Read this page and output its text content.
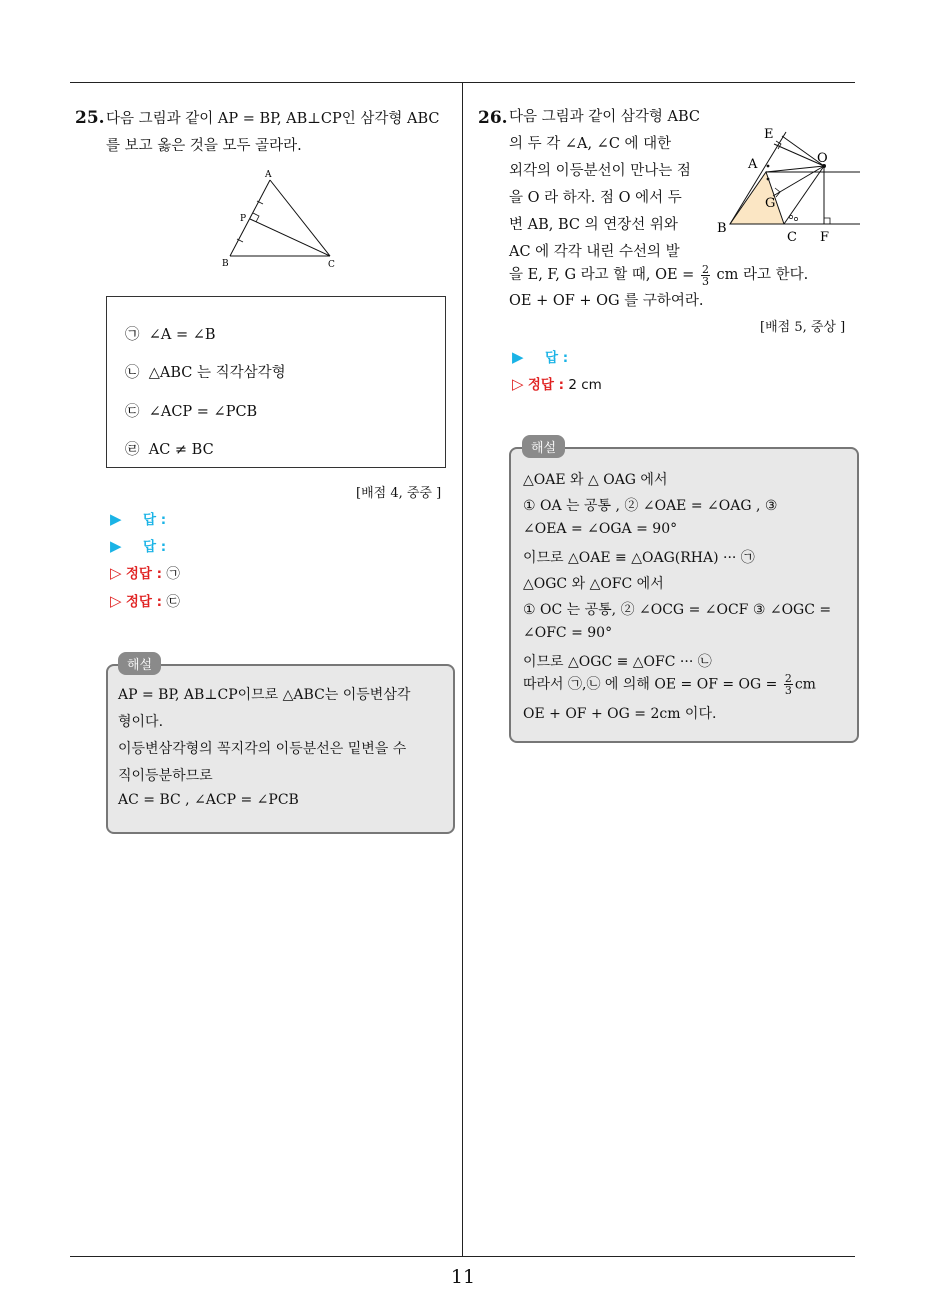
11
25. 다음 그림과 같이 AP = BP, AB⊥CP인 삼각형 ABC
를 보고 옳은 것을 모두 골라라.
A
P
B	C
㉠ ∠A = ∠B
㉡ △ABC 는 직각삼각형
㉢ ∠ACP = ∠PCB
㉣ AC ≠ BC
[배점 4, 중중 ]
▶ 답 :
▶ 답 :
▷ 정답 : ㉠
▷ 정답 : ㉢
AP = BP, AB⊥CP이므로 △ABC는 이등변삼각
형이다.
이등변삼각형의 꼭지각의 이등분선은 밑변을 수
직이등분하므로
AC = BC , ∠ACP = ∠PCB
해설
26. 다음 그림과 같이 삼각형 ABC
의 두 각 ∠A, ∠C 에 대한
외각의 이등분선이 만나는 점
을 O 라 하자. 점 O 에서 두
변 AB, BC 의 연장선 위와
AC 에 각각 내린 수선의 발
을 E, F, G 라고 할 때, OE = $\frac{2}{3}$ cm 라고 한다.
OE + OF + OG 를 구하여라.
E
A	O
G
B
C F
[배점 5, 중상 ]
▶ 답 :
▷ 정답 : 2 cm
△OAE 와 △ OAG 에서
① OA 는 공통 , ② ∠OAE = ∠OAG , ③
∠OEA = ∠OGA = 90°
이므로 △OAE ≡ △OAG(RHA) ··· ㉠
△OGC 와 △OFC 에서
① OC 는 공통, ② ∠OCG = ∠OCF ③ ∠OGC =
∠OFC = 90°
이므로 △OGC ≡ △OFC ··· ㉡
따라서 ㉠,㉡ 에 의해 OE = OF = OG = $\frac{2}{3}$ cm
OE + OF + OG = 2cm 이다.
해설
